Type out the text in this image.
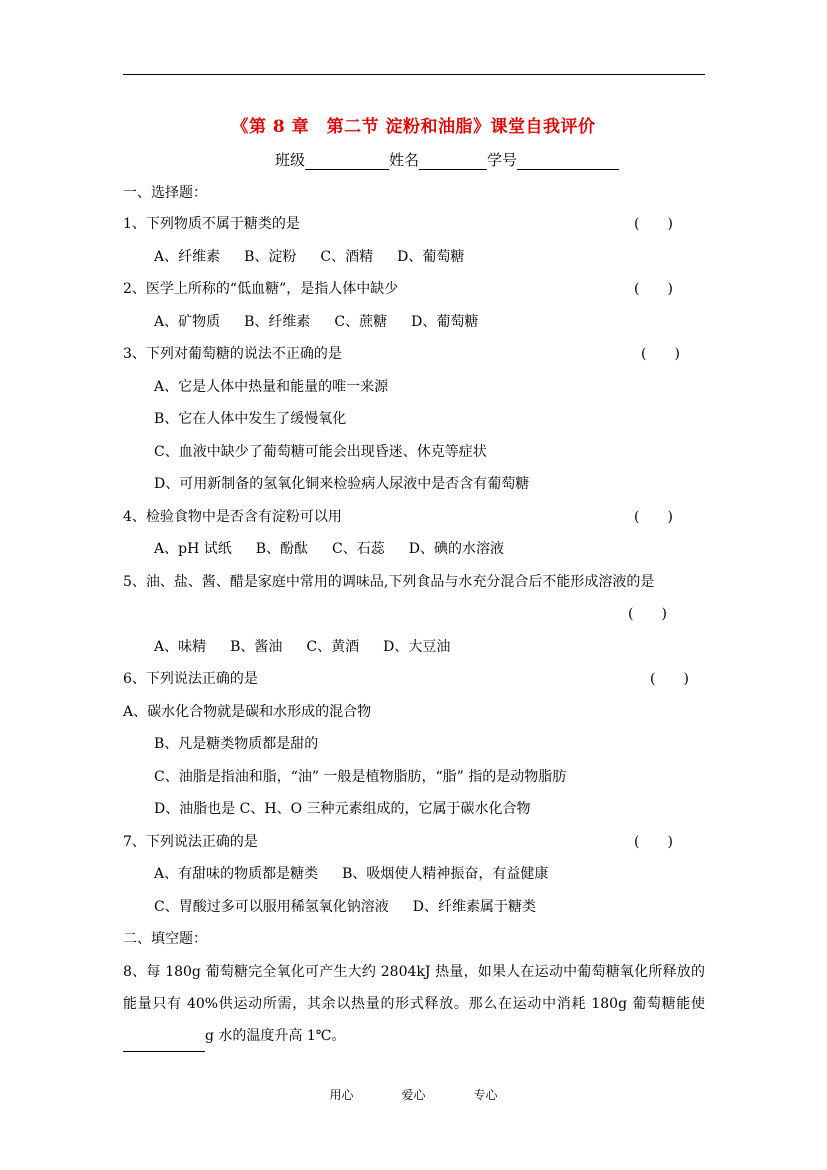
《第 8 章　第二节 淀粉和油脂》课堂自我评价
班级	姓名	学号
一、选择题：
1、下列物质不属于糖类的是	(　　)
A、纤维素 B、淀粉 C、酒精 D、葡萄糖
2、医学上所称的“低血糖”，是指人体中缺少	(　　)
A、矿物质 B、纤维素 C、蔗糖 D、葡萄糖
3、下列对葡萄糖的说法不正确的是	(　　)
A、它是人体中热量和能量的唯一来源
B、它在人体中发生了缓慢氧化
C、血液中缺少了葡萄糖可能会出现昏迷、休克等症状
D、可用新制备的氢氧化铜来检验病人尿液中是否含有葡萄糖
4、检验食物中是否含有淀粉可以用	(　　)
A、pH 试纸 B、酚酞 C、石蕊 D、碘的水溶液
5、油、盐、酱、醋是家庭中常用的调味品,下列食品与水充分混合后不能形成溶液的是
(　　)
A、味精 B、酱油 C、黄酒 D、大豆油
6、下列说法正确的是	(　　)
A、碳水化合物就是碳和水形成的混合物
B、凡是糖类物质都是甜的
C、油脂是指油和脂，“油” 一般是植物脂肪，“脂” 指的是动物脂肪
D、油脂也是 C、H、O 三种元素组成的，它属于碳水化合物
7、下列说法正确的是	(　　)
A、有甜味的物质都是糖类 B、吸烟使人精神振奋，有益健康
C、胃酸过多可以服用稀氢氧化钠溶液 D、纤维素属于糖类
二、填空题：
8、每 180g 葡萄糖完全氧化可产生大约 2804kJ 热量，如果人在运动中葡萄糖氧化所释放的能量只有 40%供运动所需，其余以热量的形式释放。那么在运动中消耗 180g 葡萄糖能使g 水的温度升高 1℃。
用心	爱心	专心
